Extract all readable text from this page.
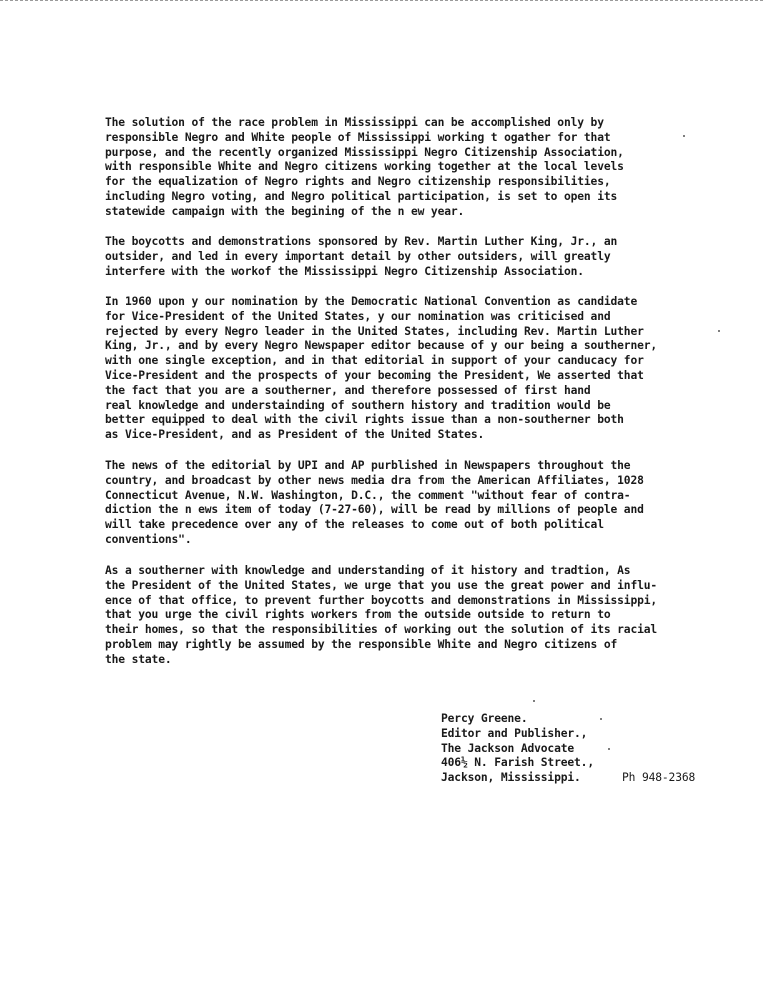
The solution of the race problem in Mississippi can be accomplished only by
responsible Negro and White people of Mississippi working t ogather for that
purpose, and the recently organized Mississippi Negro Citizenship Association,
with responsible White and Negro citizens working together at the local levels
for the equalization of Negro rights and Negro citizenship responsibilities,
including Negro voting, and Negro political participation, is set to open its
statewide campaign with the begining of the n ew year.

The boycotts and demonstrations sponsored by Rev. Martin Luther King, Jr., an
outsider, and led in every important detail by other outsiders, will greatly
interfere with the workof the Mississippi Negro Citizenship Association.

In 1960 upon y our nomination by the Democratic National Convention as candidate
for Vice-President of the United States, y our nomination was criticised and
rejected by every Negro leader in the United States, including Rev. Martin Luther
King, Jr., and by every Negro Newspaper editor because of y our being a southerner,
with one single exception, and in that editorial in support of your canducacy for
Vice-President and the prospects of your becoming the President, We asserted that
the fact that you are a southerner, and therefore possessed of first hand
real knowledge and understainding of southern history and tradition would be
better equipped to deal with the civil rights issue than a non-southerner both
as Vice-President, and as President of the United States.

The news of the editorial by UPI and AP purblished in Newspapers throughout the
country, and broadcast by other news media dra from the American Affiliates, 1028
Connecticut Avenue, N.W. Washington, D.C., the comment "without fear of contra-
diction the n ews item of today (7-27-60), will be read by millions of people and
will take precedence over any of the releases to come out of both political
conventions".

As a southerner with knowledge and understanding of it history and tradtion, As
the President of the United States, we urge that you use the great power and influ-
ence of that office, to prevent further boycotts and demonstrations in Mississippi,
that you urge the civil rights workers from the outside outside to return to
their homes, so that the responsibilities of working out the solution of its racial
problem may rightly be assumed by the responsible White and Negro citizens of
the state.

Percy Greene.
Editor and Publisher.,
The Jackson Advocate
406½ N. Farish Street.,
Jackson, Mississippi.	Ph 948-2368
